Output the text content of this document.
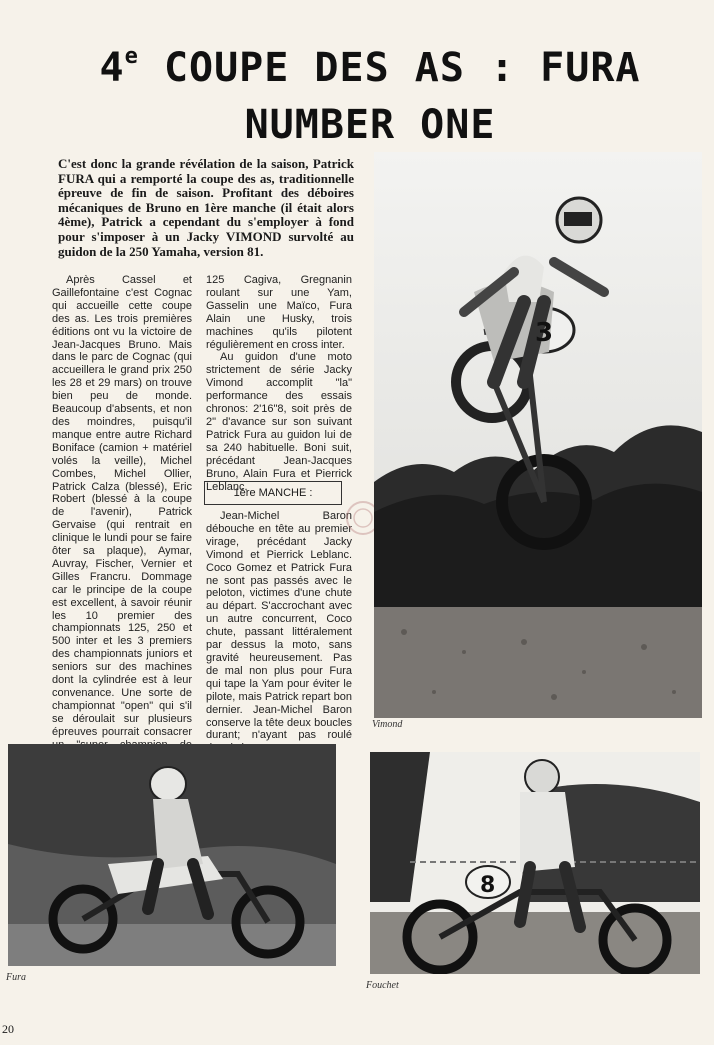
4e COUPE DES AS : FURA
NUMBER ONE
C'est donc la grande révélation de la saison, Patrick FURA qui a remporté la coupe des as, traditionnelle épreuve de fin de saison. Profitant des déboires mécaniques de Bruno en 1ère manche (il était alors 4ème), Patrick a cependant du s'employer à fond pour s'imposer à un Jacky VIMOND survolté au guidon de la 250 Yamaha, version 81.

Après Cassel et Gaillefontaine c'est Cognac qui accueille cette coupe des as. Les trois premières éditions ont vu la victoire de Jean-Jacques Bruno. Mais dans le parc de Cognac (qui accueillera le grand prix 250 les 28 et 29 mars) on trouve bien peu de monde. Beaucoup d'absents, et non des moindres, puisqu'il manque entre autre Richard Boniface (camion + matériel volés la veille), Michel Combes, Michel Ollier, Patrick Calza (blessé), Eric Robert (blessé à la coupe de l'avenir), Patrick Gervaise (qui rentrait en clinique le lundi pour se faire ôter sa plaque), Aymar, Auvray, Fischer, Vernier et Gilles Francru. Dommage car le principe de la coupe est excellent, à savoir réunir les 10 premier des championnats 125, 250 et 500 inter et les 3 premiers des championnats juniors et seniors sur des machines dont la cylindrée est à leur convenance. Une sorte de championnat "open" qui s'il se déroulait sur plusieurs épreuves pourrait consacrer

125 Cagiva, Gregnanin roulant sur une Yam, Gasselin une Maïco, Fura Alain une Husky, trois machines qu'ils pilotent régulièrement en cross inter.

Au guidon d'une moto strictement de série Jacky Vimond accomplit "la" performance des essais chronos: 2'16"8, soit près de 2" d'avance sur son suivant Patrick Fura au guidon lui de sa 240 habituelle. Boni suit, précédant Jean-Jacques Bruno, Alain Fura et Pierrick Leblanc.

1ère MANCHE :

Jean-Michel Baron débouche en tête au premier virage, précédant Jacky Vimond et Pierrick Leblanc. Coco Gomez et Patrick Fura ne sont pas passés avec le peloton, victimes d'une chute au départ. S'accrochant avec un autre concurrent, Coco chute, passant littéralement par dessus la moto, sans gravité heureusement. Pas de mal non plus pour Fura qui tape la Yam pour éviter le pilote, mais Patrick repart bon dernier. Jean-Michel Baron conserve la tête deux boucles durant; n'ayant pas roulé

3
Vimond
Fura
8
Fouchet
20
